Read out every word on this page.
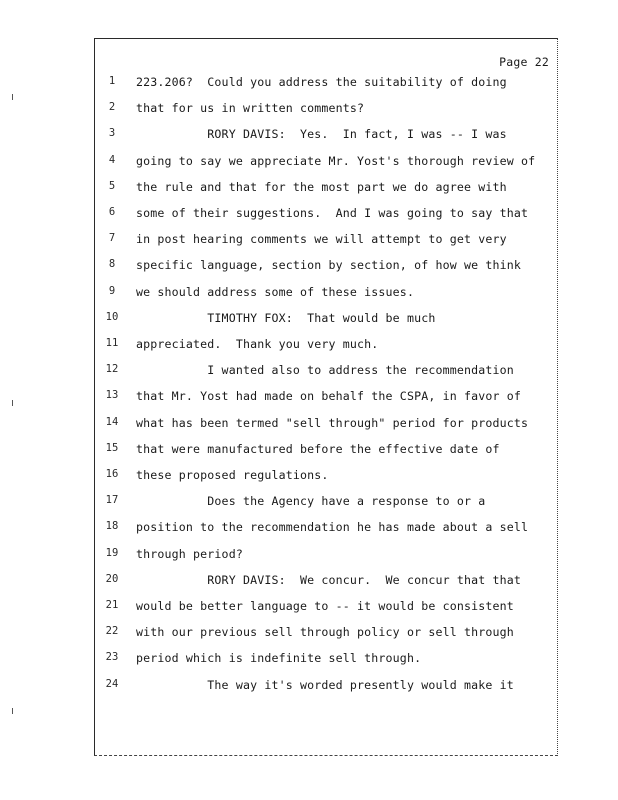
Page 22
1	223.206?  Could you address the suitability of doing
2	that for us in written comments?
3	RORY DAVIS:  Yes.  In fact, I was -- I was
4	going to say we appreciate Mr. Yost's thorough review of
5	the rule and that for the most part we do agree with
6	some of their suggestions.  And I was going to say that
7	in post hearing comments we will attempt to get very
8	specific language, section by section, of how we think
9	we should address some of these issues.
10	TIMOTHY FOX:  That would be much
11	appreciated.  Thank you very much.
12	I wanted also to address the recommendation
13	that Mr. Yost had made on behalf the CSPA, in favor of
14	what has been termed "sell through" period for products
15	that were manufactured before the effective date of
16	these proposed regulations.
17	Does the Agency have a response to or a
18	position to the recommendation he has made about a sell
19	through period?
20	RORY DAVIS:  We concur.  We concur that that
21	would be better language to -- it would be consistent
22	with our previous sell through policy or sell through
23	period which is indefinite sell through.
24	The way it's worded presently would make it
